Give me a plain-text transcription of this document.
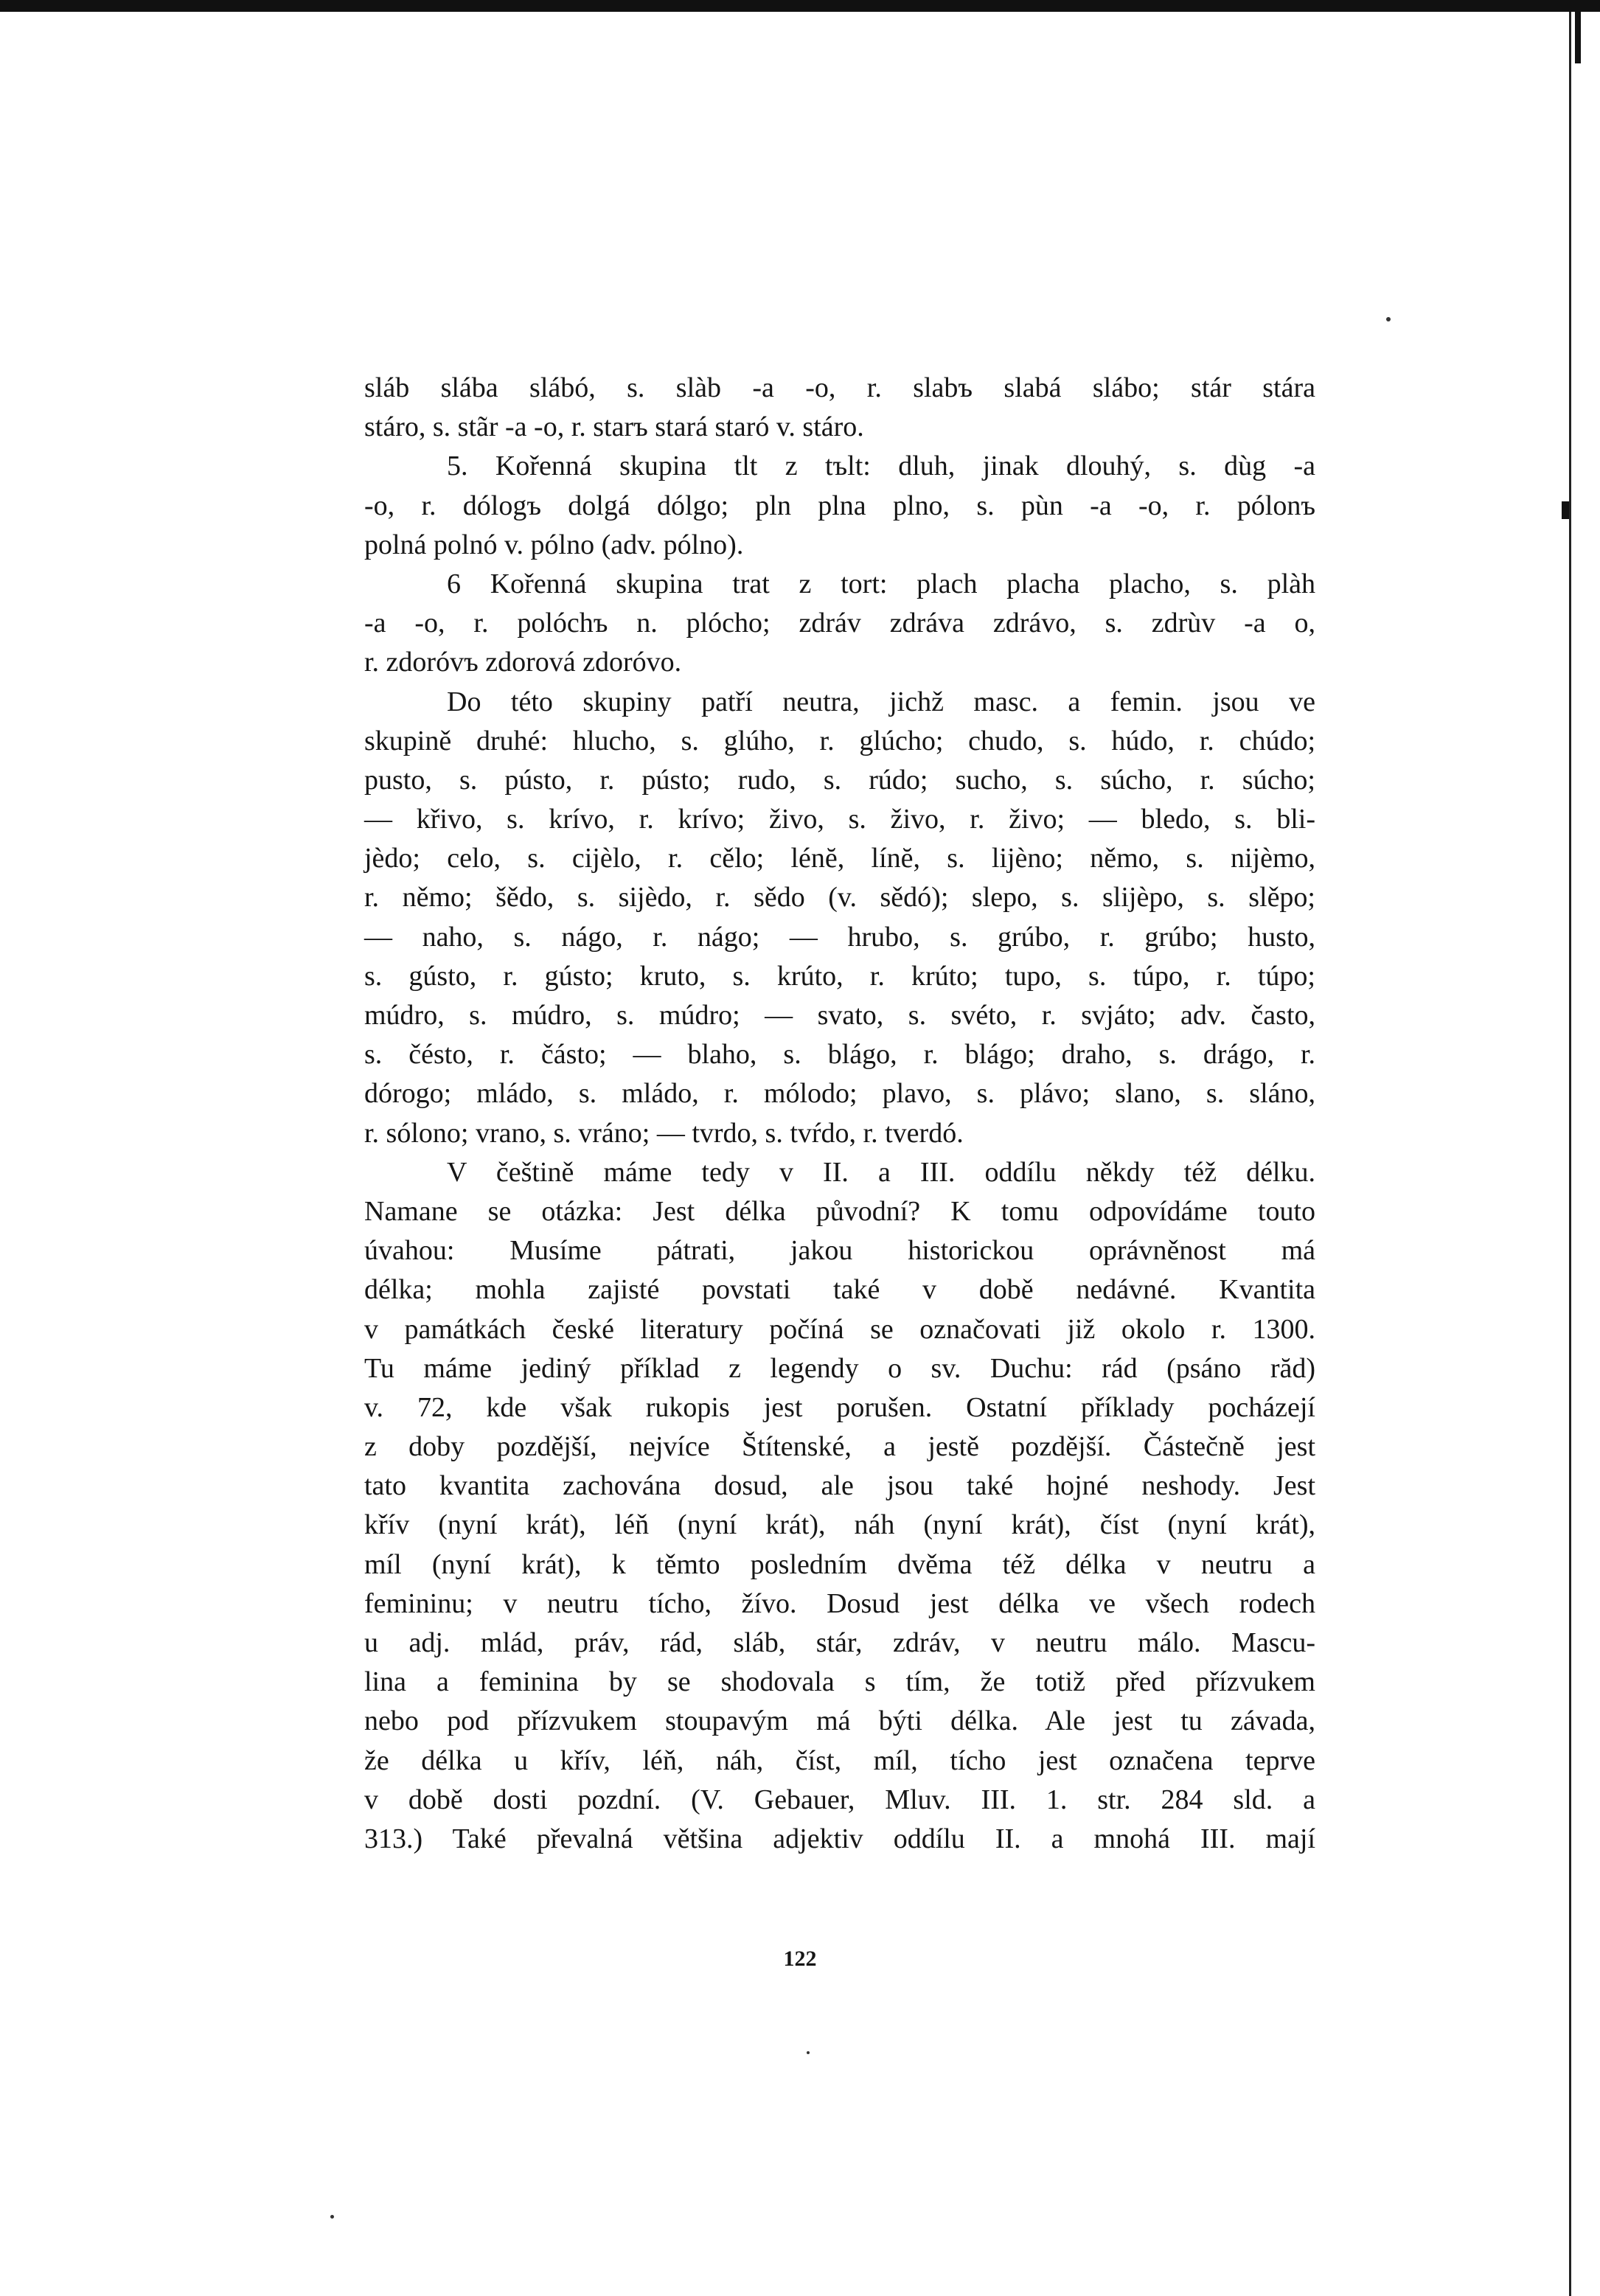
sláb slába slábó, s. slàb -a -o, r. slabъ slabá slábo; stár stára
stáro, s. stãr -a -o, r. starъ stará staró v. stáro.
5. Kořenná skupina tlt z tъlt: dluh, jinak dlouhý, s. dùg -a
-o, r. dólogъ dolgá dólgo; pln plna plno, s. pùn -a -o, r. pólonъ
polná polnó v. pólno (adv. pólno).
6 Kořenná skupina trat z tort: plach placha placho, s. plàh
-a -o, r. polóchъ n. plócho; zdráv zdráva zdrávo, s. zdrùv -a o,
r. zdoróvъ zdorová zdoróvo.
Do této skupiny patří neutra, jichž masc. a femin. jsou ve
skupině druhé: hlucho, s. glúho, r. glúcho; chudo, s. húdo, r. chúdo;
pusto, s. pústo, r. pústo; rudo, s. rúdo; sucho, s. súcho, r. súcho;
— křivo, s. krívo, r. krívo; živo, s. živo, r. živo; — bledo, s. bli-
jèdo; celo, s. cijèlo, r. cělo; lénĕ, línĕ, s. lijèno; němo, s. nijèmo,
r. němo; šědo, s. sijèdo, r. sědo (v. sědó); slepo, s. slijèpo, s. slěpo;
— naho, s. nágo, r. nágo; — hrubo, s. grúbo, r. grúbo; husto,
s. gústo, r. gústo; kruto, s. krúto, r. krúto; tupo, s. túpo, r. túpo;
múdro, s. múdro, s. múdro; — svato, s. svéto, r. svjáto; adv. často,
s. čésto, r. částo; — blaho, s. blágo, r. blágo; draho, s. drágo, r.
dórogo; mládo, s. mládo, r. mólodo; plavo, s. plávo; slano, s. sláno,
r. sólono; vrano, s. vráno; — tvrdo, s. tvŕdo, r. tverdó.
V češtině máme tedy v II. a III. oddílu někdy též délku.
Namane se otázka: Jest délka původní? K tomu odpovídáme touto
úvahou: Musíme pátrati, jakou historickou oprávněnost má
délka; mohla zajisté povstati také v době nedávné. Kvantita
v památkách české literatury počíná se označovati již okolo r. 1300.
Tu máme jediný příklad z legendy o sv. Duchu: rád (psáno răd)
v. 72, kde však rukopis jest porušen. Ostatní příklady pocházejí
z doby pozdější, nejvíce Štítenské, a jestě pozdější. Částečně jest
tato kvantita zachována dosud, ale jsou také hojné neshody. Jest
křív (nyní krát), léň (nyní krát), náh (nyní krát), číst (nyní krát),
míl (nyní krát), k těmto posledním dvěma též délka v neutru a
femininu; v neutru tícho, žívo. Dosud jest délka ve všech rodech
u adj. mlád, práv, rád, sláb, stár, zdráv, v neutru málo. Mascu-
lina a feminina by se shodovala s tím, že totiž před přízvukem
nebo pod přízvukem stoupavým má býti délka. Ale jest tu závada,
že délka u křív, léň, náh, číst, míl, tícho jest označena teprve
v době dosti pozdní. (V. Gebauer, Mluv. III. 1. str. 284 sld. a
313.) Také převalná většina adjektiv oddílu II. a mnohá III. mají
122
